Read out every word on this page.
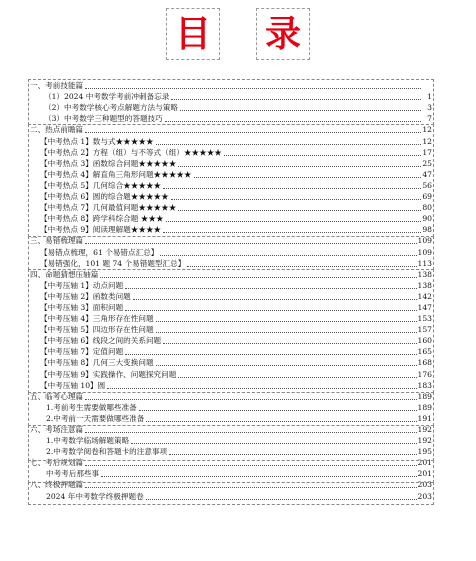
目 录
一、考前技能篇
（1）2024 中考数学考前冲刺备忘录	1
（2）中考数学核心考点解题方法与策略	3
（3）中考数学三种题型的答题技巧	7
二、热点前瞻篇	12
【中考热点 1】数与式★★★★★	12
【中考热点 2】方程（组）与不等式（组）★★★★★	17
【中考热点 3】函数综合问题★★★★★	25
【中考热点 4】解直角三角形问题★★★★★	47
【中考热点 5】几何综合★★★★★	56
【中考热点 6】圆的综合题★★★★★	69
【中考热点 7】几何最值问题★★★★★	80
【中考热点 8】跨学科综合题 ★★★	90
【中考热点 9】阅读理解题★★★★	98
三、易错梳理篇	109
【易错点梳理，61 个易错点汇总】	109
【易错强化，101 题 74 个易错题型汇总】	113
四、命题猜想压轴篇	138
【中考压轴 1】动点问题	138
【中考压轴 2】函数类问题	142
【中考压轴 3】面积问题	147
【中考压轴 4】三角形存在性问题	153
【中考压轴 5】四边形存在性问题	157
【中考压轴 6】线段之间的关系问题	160
【中考压轴 7】定值问题	165
【中考压轴 8】几何三大变换问题	168
【中考压轴 9】实践操作、问题探究问题	176
【中考压轴 10】圆	183
五、临考心理篇	189
1.考前考生需要做哪些准备	189
2.中考前一天需要做哪些准备	191
六、考场注意篇	192
1.中考数学临场解题策略	192
2.中考数学阅卷和答题卡的注意事项	195
七、考后规划篇	201
中考考后那些事	201
八、终极押题篇	203
2024 年中考数学终极押题卷	203
